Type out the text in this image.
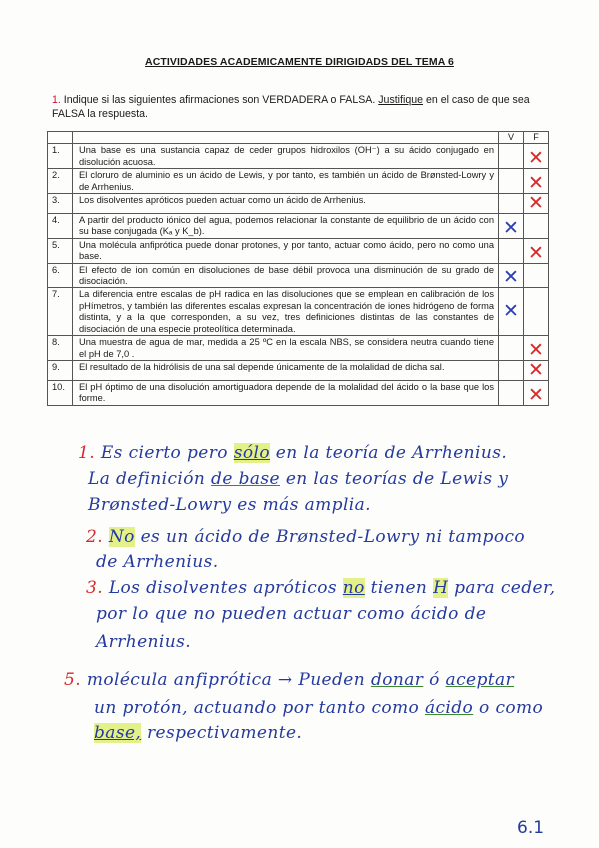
ACTIVIDADES ACADEMICAMENTE DIRIGIDADS DEL TEMA 6
1. Indique si las siguientes afirmaciones son VERDADERA o FALSA. Justifique en el caso de que sea FALSA la respuesta.
		V	F
1.	Una base es una sustancia capaz de ceder grupos hidroxilos (OH⁻) a su ácido conjugado en disolución acuosa.		✕
2.	El cloruro de aluminio es un ácido de Lewis, y por tanto, es también un ácido de Brønsted-Lowry y de Arrhenius.		✕
3.	Los disolventes apróticos pueden actuar como un ácido de Arrhenius.		✕
4.	A partir del producto iónico del agua, podemos relacionar la constante de equilibrio de un ácido con su base conjugada (Kₐ y K_b).	✕	
5.	Una molécula anfiprótica puede donar protones, y por tanto, actuar como ácido, pero no como una base.		✕
6.	El efecto de ion común en disoluciones de base débil provoca una disminución de su grado de disociación.	✕	
7.	La diferencia entre escalas de pH radica en las disoluciones que se emplean en calibración de los pHímetros, y también las diferentes escalas expresan la concentración de iones hidrógeno de forma distinta, y a la que corresponden, a su vez, tres definiciones distintas de las constantes de disociación de una especie proteolítica determinada.	✕	
8.	Una muestra de agua de mar, medida a 25 ºC en la escala NBS, se considera neutra cuando tiene el pH de 7,0 .		✕
9.	El resultado de la hidrólisis de una sal depende únicamente de la molalidad de dicha sal.		✕
10.	El pH óptimo de una disolución amortiguadora depende de la molalidad del ácido o la base que los forme.		✕
1. Es cierto pero sólo en la teoría de Arrhenius.
La definición de base en las teorías de Lewis y
Brønsted-Lowry es más amplia.
2. No es un ácido de Brønsted-Lowry ni tampoco
de Arrhenius.
3. Los disolventes apróticos no tienen H para ceder,
por lo que no pueden actuar como ácido de
Arrhenius.
5. molécula anfiprótica → Pueden donar ó aceptar
un protón, actuando por tanto como ácido o como
base, respectivamente.
6.1
